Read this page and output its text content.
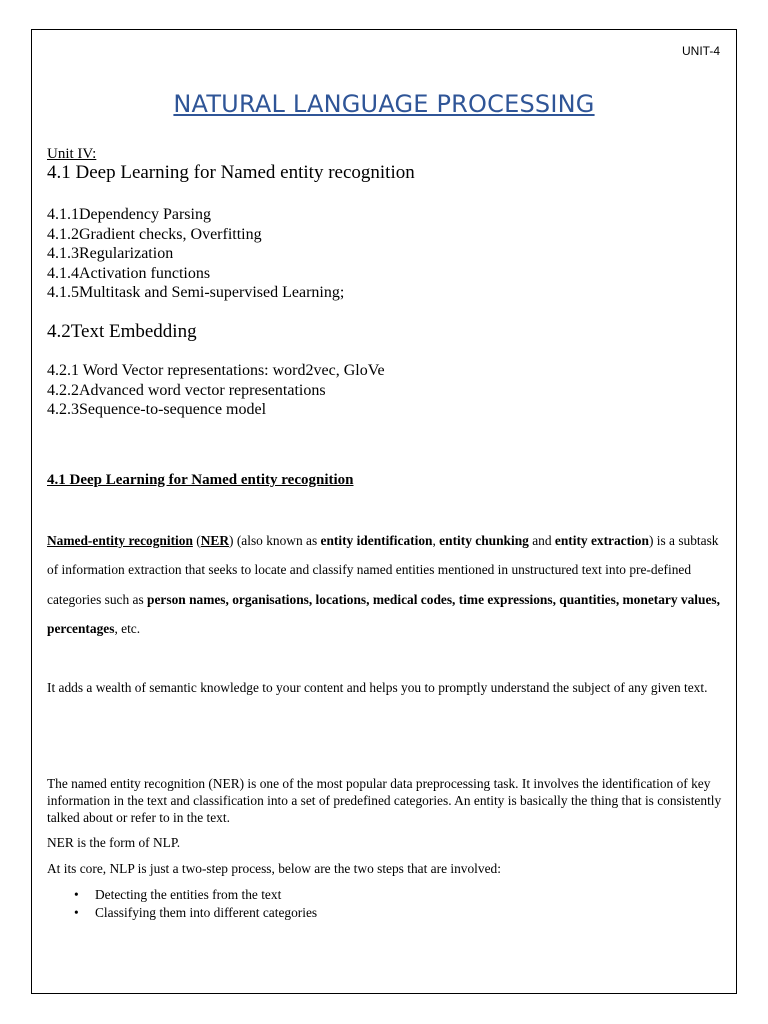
UNIT-4
NATURAL LANGUAGE PROCESSING
Unit IV:
4.1 Deep Learning for Named entity recognition
4.1.1Dependency Parsing
4.1.2Gradient checks, Overfitting
4.1.3Regularization
4.1.4Activation functions
4.1.5Multitask and Semi-supervised Learning;
4.2Text Embedding
4.2.1 Word Vector representations: word2vec, GloVe
4.2.2Advanced word vector representations
4.2.3Sequence-to-sequence model
4.1 Deep Learning for Named entity recognition

Named-entity recognition (NER) (also known as entity identification, entity chunking and entity extraction) is a subtask of information extraction that seeks to locate and classify named entities mentioned in unstructured text into pre-defined categories such as person names, organisations, locations, medical codes, time expressions, quantities, monetary values, percentages, etc.

It adds a wealth of semantic knowledge to your content and helps you to promptly understand the subject of any given text.

The named entity recognition (NER) is one of the most popular data preprocessing task. It involves the identification of key information in the text and classification into a set of predefined categories. An entity is basically the thing that is consistently talked about or refer to in the text.

NER is the form of NLP.

At its core, NLP is just a two-step process, below are the two steps that are involved:

• Detecting the entities from the text
• Classifying them into different categories
